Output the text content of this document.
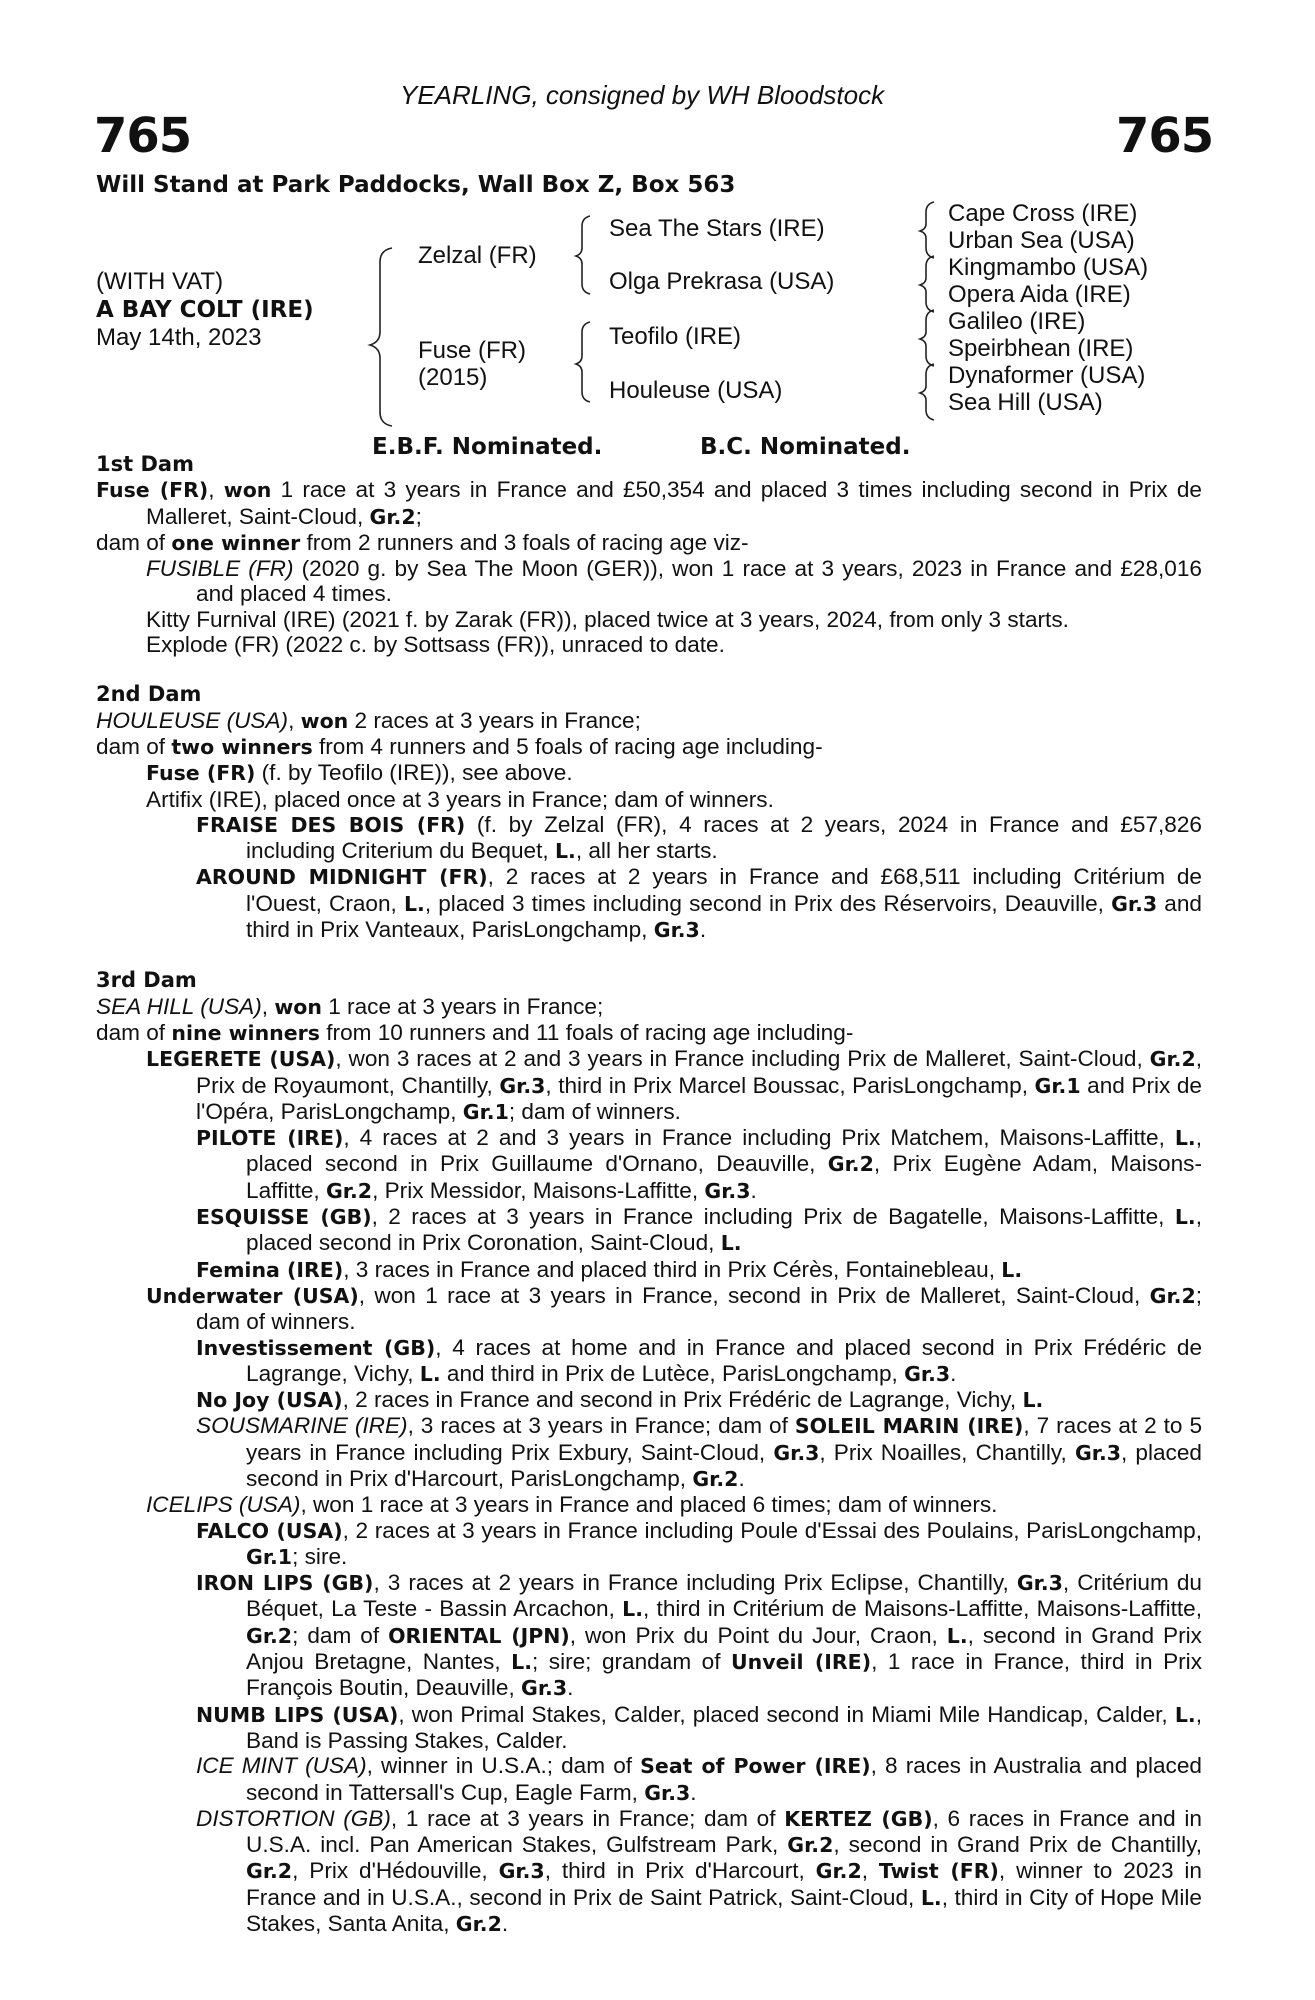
YEARLING, consigned by WH Bloodstock
765	765
Will Stand at Park Paddocks, Wall Box Z, Box 563
(WITH VAT)
A BAY COLT (IRE)
May 14th, 2023
Zelzal (FR)
Fuse (FR)
(2015)
Sea The Stars (IRE)
Olga Prekrasa (USA)
Teofilo (IRE)
Houleuse (USA)
Cape Cross (IRE)
Urban Sea (USA)
Kingmambo (USA)
Opera Aida (IRE)
Galileo (IRE)
Speirbhean (IRE)
Dynaformer (USA)
Sea Hill (USA)
E.B.F. Nominated.	B.C. Nominated.
1st Dam

Fuse (FR), won 1 race at 3 years in France and £50,354 and placed 3 times including second in Prix de Malleret, Saint-Cloud, Gr.2;

dam of one winner from 2 runners and 3 foals of racing age viz-

FUSIBLE (FR) (2020 g. by Sea The Moon (GER)), won 1 race at 3 years, 2023 in France and £28,016 and placed 4 times.

Kitty Furnival (IRE) (2021 f. by Zarak (FR)), placed twice at 3 years, 2024, from only 3 starts.

Explode (FR) (2022 c. by Sottsass (FR)), unraced to date.

2nd Dam

HOULEUSE (USA), won 2 races at 3 years in France;

dam of two winners from 4 runners and 5 foals of racing age including-

Fuse (FR) (f. by Teofilo (IRE)), see above.

Artifix (IRE), placed once at 3 years in France; dam of winners.

FRAISE DES BOIS (FR) (f. by Zelzal (FR), 4 races at 2 years, 2024 in France and £57,826 including Criterium du Bequet, L., all her starts.

AROUND MIDNIGHT (FR), 2 races at 2 years in France and £68,511 including Critérium de l'Ouest, Craon, L., placed 3 times including second in Prix des Réservoirs, Deauville, Gr.3 and third in Prix Vanteaux, ParisLongchamp, Gr.3.

3rd Dam

SEA HILL (USA), won 1 race at 3 years in France;

dam of nine winners from 10 runners and 11 foals of racing age including-

LEGERETE (USA), won 3 races at 2 and 3 years in France including Prix de Malleret, Saint-Cloud, Gr.2, Prix de Royaumont, Chantilly, Gr.3, third in Prix Marcel Boussac, ParisLongchamp, Gr.1 and Prix de l'Opéra, ParisLongchamp, Gr.1; dam of winners.

PILOTE (IRE), 4 races at 2 and 3 years in France including Prix Matchem, Maisons-Laffitte, L., placed second in Prix Guillaume d'Ornano, Deauville, Gr.2, Prix Eugène Adam, Maisons-Laffitte, Gr.2, Prix Messidor, Maisons-Laffitte, Gr.3.

ESQUISSE (GB), 2 races at 3 years in France including Prix de Bagatelle, Maisons-Laffitte, L., placed second in Prix Coronation, Saint-Cloud, L.

Femina (IRE), 3 races in France and placed third in Prix Cérès, Fontainebleau, L.

Underwater (USA), won 1 race at 3 years in France, second in Prix de Malleret, Saint-Cloud, Gr.2; dam of winners.

Investissement (GB), 4 races at home and in France and placed second in Prix Frédéric de Lagrange, Vichy, L. and third in Prix de Lutèce, ParisLongchamp, Gr.3.

No Joy (USA), 2 races in France and second in Prix Frédéric de Lagrange, Vichy, L.

SOUSMARINE (IRE), 3 races at 3 years in France; dam of SOLEIL MARIN (IRE), 7 races at 2 to 5 years in France including Prix Exbury, Saint-Cloud, Gr.3, Prix Noailles, Chantilly, Gr.3, placed second in Prix d'Harcourt, ParisLongchamp, Gr.2.

ICELIPS (USA), won 1 race at 3 years in France and placed 6 times; dam of winners.

FALCO (USA), 2 races at 3 years in France including Poule d'Essai des Poulains, ParisLongchamp, Gr.1; sire.

IRON LIPS (GB), 3 races at 2 years in France including Prix Eclipse, Chantilly, Gr.3, Critérium du Béquet, La Teste - Bassin Arcachon, L., third in Critérium de Maisons-Laffitte, Maisons-Laffitte, Gr.2; dam of ORIENTAL (JPN), won Prix du Point du Jour, Craon, L., second in Grand Prix Anjou Bretagne, Nantes, L.; sire; grandam of Unveil (IRE), 1 race in France, third in Prix François Boutin, Deauville, Gr.3.

NUMB LIPS (USA), won Primal Stakes, Calder, placed second in Miami Mile Handicap, Calder, L., Band is Passing Stakes, Calder.

ICE MINT (USA), winner in U.S.A.; dam of Seat of Power (IRE), 8 races in Australia and placed second in Tattersall's Cup, Eagle Farm, Gr.3.

DISTORTION (GB), 1 race at 3 years in France; dam of KERTEZ (GB), 6 races in France and in U.S.A. incl. Pan American Stakes, Gulfstream Park, Gr.2, second in Grand Prix de Chantilly, Gr.2, Prix d'Hédouville, Gr.3, third in Prix d'Harcourt, Gr.2, Twist (FR), winner to 2023 in France and in U.S.A., second in Prix de Saint Patrick, Saint-Cloud, L., third in City of Hope Mile Stakes, Santa Anita, Gr.2.
